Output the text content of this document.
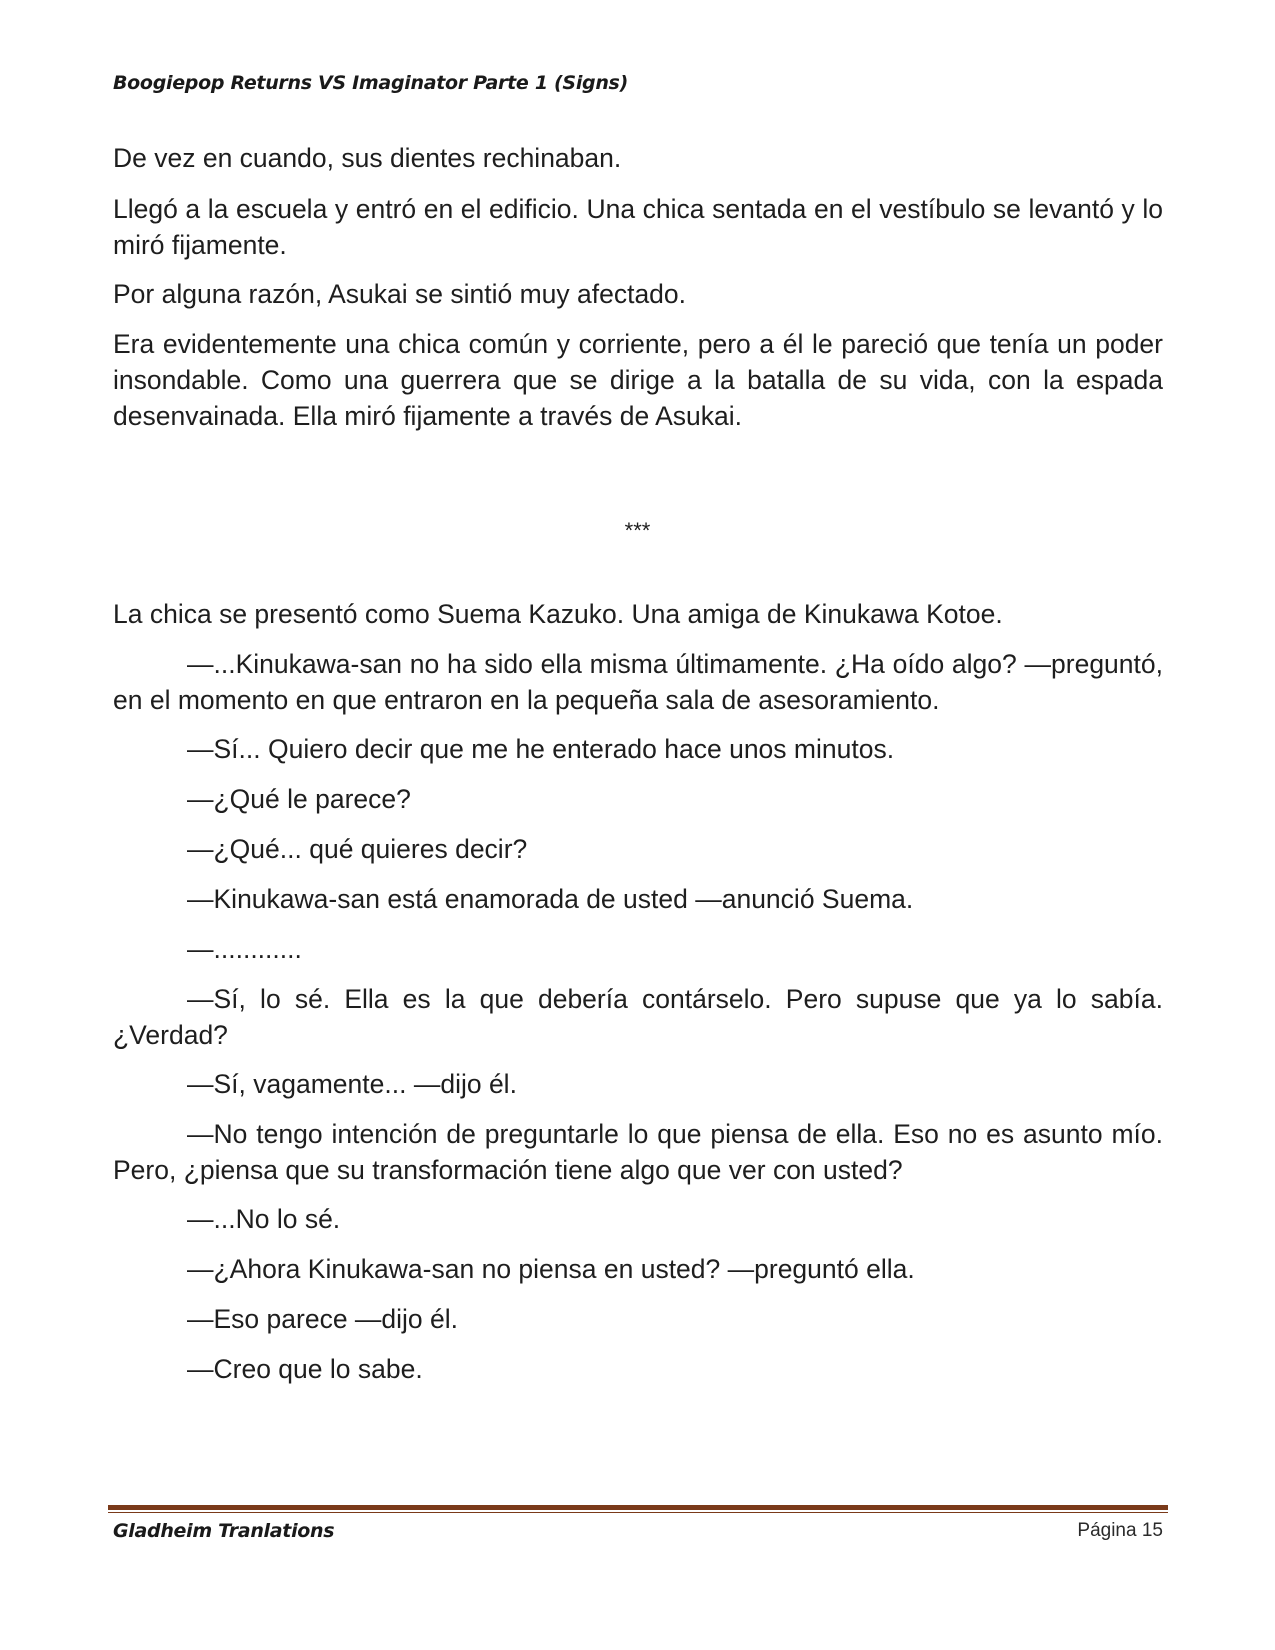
Boogiepop Returns VS Imaginator Parte 1 (Signs)

De vez en cuando, sus dientes rechinaban.

Llegó a la escuela y entró en el edificio. Una chica sentada en el vestíbulo se levantó y lo miró fijamente.

Por alguna razón, Asukai se sintió muy afectado.

Era evidentemente una chica común y corriente, pero a él le pareció que tenía un poder insondable. Como una guerrera que se dirige a la batalla de su vida, con la espada desenvainada. Ella miró fijamente a través de Asukai.

***

La chica se presentó como Suema Kazuko. Una amiga de Kinukawa Kotoe.

—...Kinukawa-san no ha sido ella misma últimamente. ¿Ha oído algo? —preguntó, en el momento en que entraron en la pequeña sala de asesoramiento.

—Sí... Quiero decir que me he enterado hace unos minutos.

—¿Qué le parece?

—¿Qué... qué quieres decir?

—Kinukawa-san está enamorada de usted —anunció Suema.

—............

—Sí, lo sé. Ella es la que debería contárselo. Pero supuse que ya lo sabía. ¿Verdad?

—Sí, vagamente... —dijo él.

—No tengo intención de preguntarle lo que piensa de ella. Eso no es asunto mío. Pero, ¿piensa que su transformación tiene algo que ver con usted?

—...No lo sé.

—¿Ahora Kinukawa-san no piensa en usted? —preguntó ella.

—Eso parece —dijo él.

—Creo que lo sabe.

Gladheim Tranlations	Página 15
